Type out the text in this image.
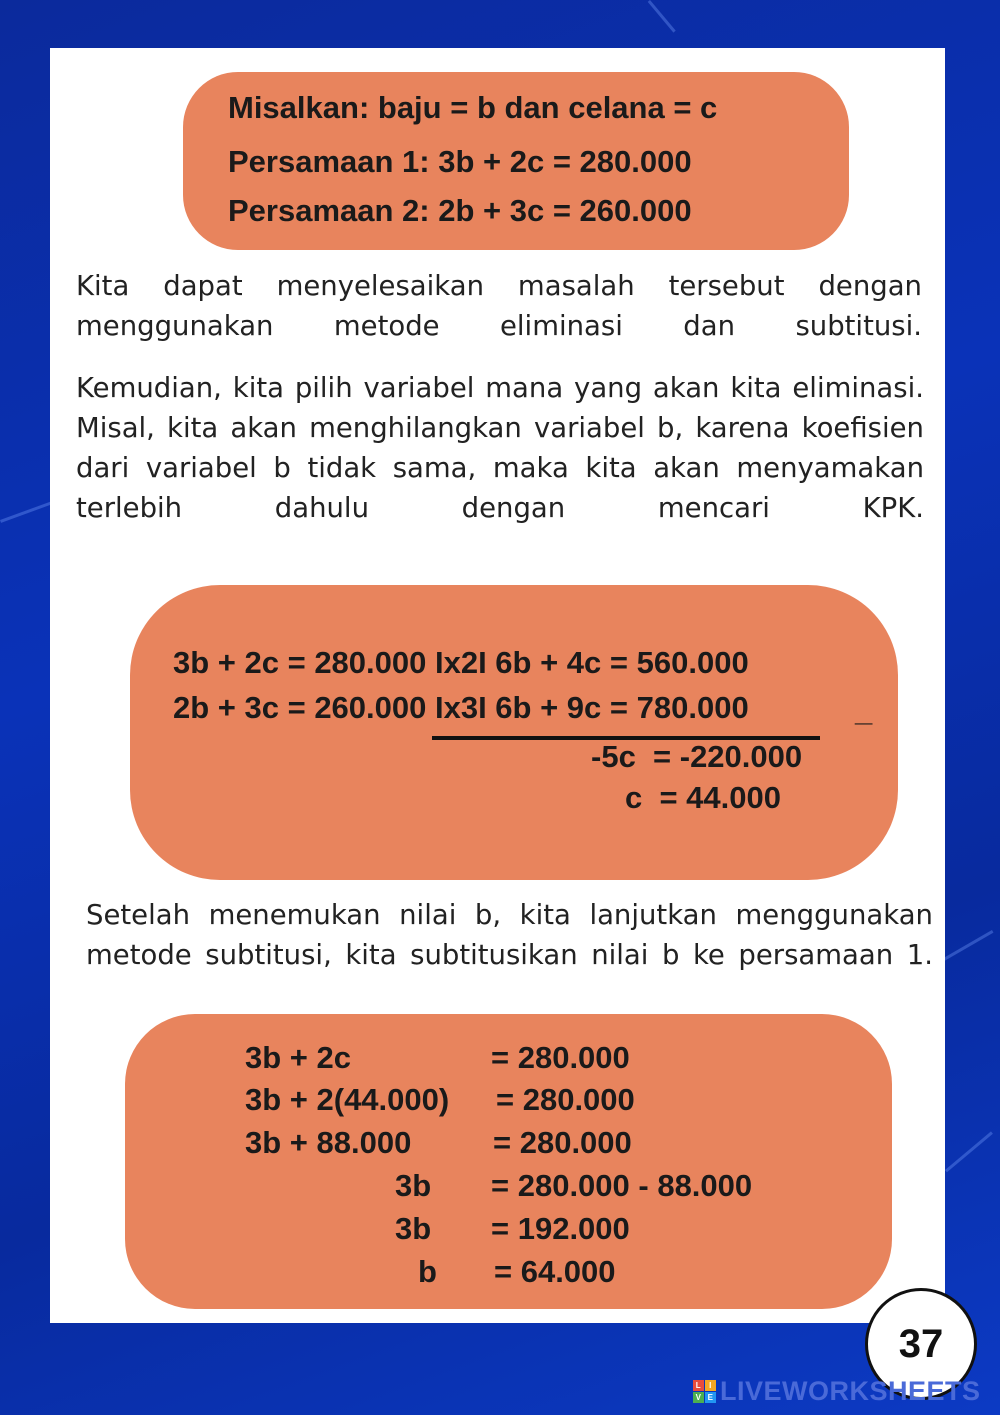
Misalkan: baju = b dan celana = c
Persamaan 1: 3b + 2c = 280.000
Persamaan 2: 2b + 3c = 260.000
Kita dapat menyelesaikan masalah tersebut dengan menggunakan metode eliminasi dan subtitusi.
Kemudian, kita pilih variabel mana yang akan kita eliminasi. Misal, kita akan menghilangkan variabel b, karena koefisien dari variabel b tidak sama, maka kita akan menyamakan terlebih dahulu dengan mencari KPK.
3b + 2c = 280.000 Ix2I 6b + 4c = 560.000
2b + 3c = 260.000 Ix3I 6b + 9c = 780.000	_
-5c  = -220.000
c  = 44.000
Setelah menemukan nilai b, kita lanjutkan menggunakan metode subtitusi, kita subtitusikan nilai b ke persamaan 1.
3b + 2c	= 280.000
3b + 2(44.000) = 280.000
3b + 88.000	= 280.000
3b = 280.000 - 88.000
3b = 192.000
b = 64.000
37
L I
V E LIVEWORKSHEETS
